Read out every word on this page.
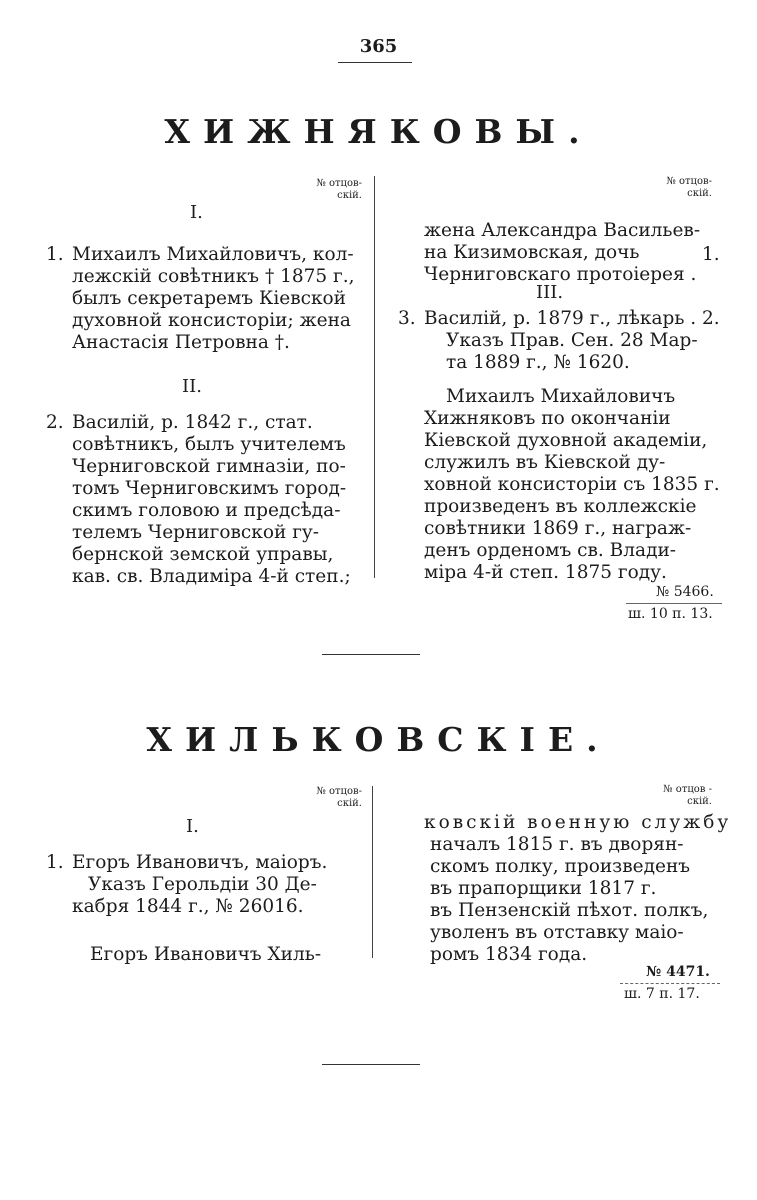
365
ХИЖНЯКОВЫ.
№ отцов-
скій.
№ отцов-
скій.
I.
1. Михаилъ Михайловичъ, кол-
лежскій совѣтникъ † 1875 г.,
былъ секретаремъ Кіевской
духовной консисторіи; жена
Анастасія Петровна †.
II.
2. Василій, р. 1842 г., стат.
совѣтникъ, былъ учителемъ
Черниговской гимназіи, по-
томъ Черниговскимъ город-
скимъ головою и предсѣда-
телемъ Черниговской гу-
бернской земской управы,
кав. св. Владиміра 4-й степ.;
жена Александра Васильев-
на Кизимовская, дочь
Черниговскаго протоіерея .
1.
III.
3. Василій, р. 1879 г., лѣкарь .
Указъ Прав. Сен. 28 Мар-
та 1889 г., № 1620.
2.
Михаилъ Михайловичъ
Хижняковъ по окончаніи
Кіевской духовной академіи,
служилъ въ Кіевской ду-
ховной консисторіи съ 1835 г.
произведенъ въ коллежскіе
совѣтники 1869 г., награж-
денъ орденомъ св. Влади-
міра 4-й степ. 1875 году.
№ 5466.
ш. 10 п. 13.
ХИЛЬКОВСКІЕ.
№ отцов-
скій.
№ отцов -
скій.
I.
1. Егоръ Ивановичъ, маіоръ.
Указъ Герольдіи 30 Де-
кабря 1844 г., № 26016.
Егоръ Ивановичъ Хиль-
ковскій военную службу
началъ 1815 г. въ дворян-
скомъ полку, произведенъ
въ прапорщики 1817 г.
въ Пензенскій пѣхот. полкъ,
уволенъ въ отставку маіо-
ромъ 1834 года.
№ 4471.
ш. 7 п. 17.
